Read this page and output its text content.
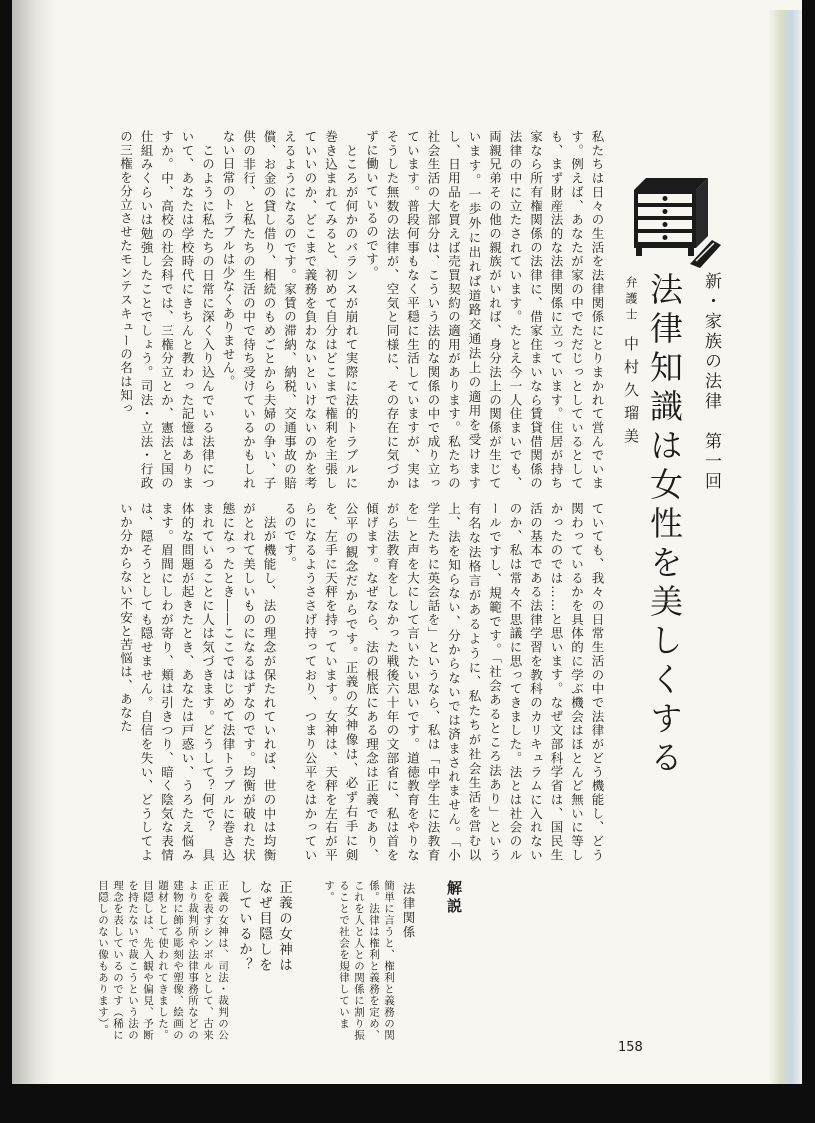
新・家族の法律　第一回
法律知識は女性を美しくする
弁護士
中村久瑠美
私たちは日々の生活を法律関係にとりまかれて営んでいます。例えば、あなたが家の中でただじっとしているとしても、まず財産法的な法律関係に立っています。住居が持ち家なら所有権関係の法律に、借家住まいなら賃貸借関係の法律の中に立たされています。たとえ今一人住まいでも、両親兄弟その他の親族がいれば、身分法上の関係が生じています。一歩外に出れば道路交通法上の適用を受けますし、日用品を買えば売買契約の適用があります。私たちの社会生活の大部分は、こういう法的な関係の中で成り立っています。普段何事もなく平穏に生活していますが、実はそうした無数の法律が、空気と同様に、その存在に気づかずに働いているのです。
　ところが何かのバランスが崩れて実際に法的トラブルに巻き込まれてみると、初めて自分はどこまで権利を主張していいのか、どこまで義務を負わないといけないのかを考えるようになるのです。家賃の滞納、納税、交通事故の賠償、お金の貸し借り、相続のもめごとから夫婦の争い、子供の非行、と私たちの生活の中で待ち受けているかもしれない日常のトラブルは少なくありません。
　このように私たちの日常に深く入り込んでいる法律について、あなたは学校時代にきちんと教わった記憶はありますか。中、高校の社会科では、三権分立とか、憲法と国の仕組みくらいは勉強したことでしょう。司法・立法・行政の三権を分立させたモンテスキューの名は知っ
ていても、我々の日常生活の中で法律がどう機能し、どう関わっているかを具体的に学ぶ機会はほとんど無いに等しかったのでは……と思います。なぜ文部科学省は、国民生活の基本である法律学習を教科のカリキュラムに入れないのか、私は常々不思議に思ってきました。法とは社会のルールですし、規範です。「社会あるところ法あり」という有名な法格言があるように、私たちが社会生活を営む以上、法を知らない、分からないでは済まされません。「小学生たちに英会話を」というなら、私は「中学生に法教育を」と声を大にして言いたい思いです。道徳教育をやりながら法教育をしなかった戦後六十年の文部省に、私は首を傾げます。なぜなら、法の根底にある理念は正義であり、公平の観念だからです。正義の女神像は、必ず右手に剣を、左手に天秤を持っています。女神は、天秤を左右が平らになるようささげ持っており、つまり公平をはかっているのです。
　法が機能し、法の理念が保たれていれば、世の中は均衡がとれて美しいものになるはずなのです。均衡が破れた状態になったとき――ここではじめて法律トラブルに巻き込まれていることに人は気づきます。どうして？何で？　具体的な問題が起きたとき、あなたは戸惑い、うろたえ悩みます。眉間にしわが寄り、頬は引きつり、暗く陰気な表情は、隠そうとしても隠せません。自信を失い、どうしてよいか分からない不安と苦悩は、あなた
解説
法律関係
簡単に言うと、権利と義務の関係。法律は権利と義務を定め、これを人と人との関係に割り振ることで社会を規律しています。
正義の女神は
なぜ目隠しを
しているか？
正義の女神は、司法・裁判の公正を表すシンボルとして、古来より裁判所や法律事務所などの建物に飾る彫刻や塑像、絵画の題材として使われてきました。目隠しは、先入観や偏見、予断を持たないで裁こうという法の理念を表しているのです（稀に目隠しのない像もあります）。
158
